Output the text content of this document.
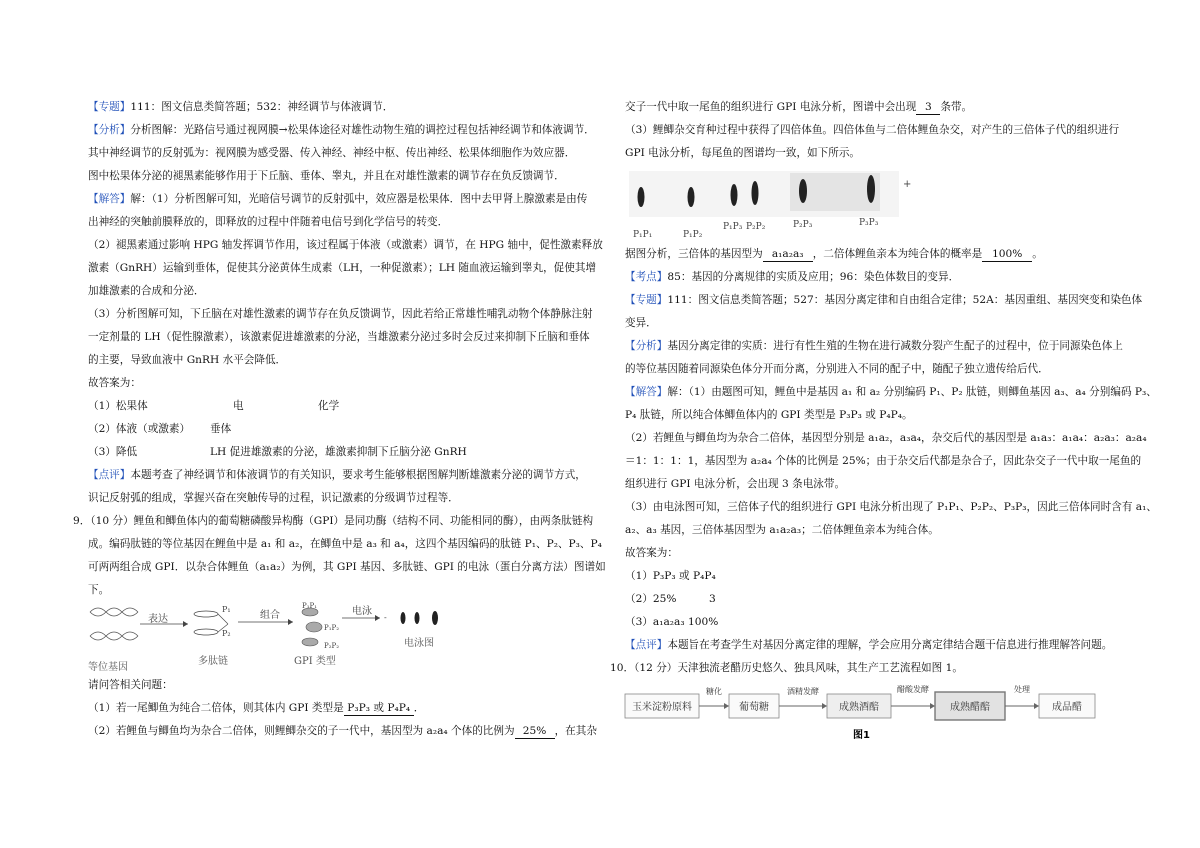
【专题】111：图文信息类简答题；532：神经调节与体液调节．
【分析】分析图解：光路信号通过视网膜→松果体途径对雄性动物生殖的调控过程包括神经调节和体液调节．
其中神经调节的反射弧为：视网膜为感受器、传入神经、神经中枢、传出神经、松果体细胞作为效应器．
图中松果体分泌的褪黑素能够作用于下丘脑、垂体、睾丸，并且在对雄性激素的调节存在负反馈调节．
【解答】解：（1）分析图解可知，光暗信号调节的反射弧中，效应器是松果体．图中去甲肾上腺激素是由传
出神经的突触前膜释放的，即释放的过程中伴随着电信号到化学信号的转变．
（2）褪黑素通过影响 HPG 轴发挥调节作用，该过程属于体液（或激素）调节，在 HPG 轴中，促性激素释放
激素（GnRH）运输到垂体，促使其分泌黄体生成素（LH，一种促激素）；LH 随血液运输到睾丸，促使其增
加雄激素的合成和分泌．
（3）分析图解可知，下丘脑在对雄性激素的调节存在负反馈调节，因此若给正常雄性哺乳动物个体静脉注射
一定剂量的 LH（促性腺激素），该激素促进雄激素的分泌，当雄激素分泌过多时会反过来抑制下丘脑和垂体
的主要，导致血液中 GnRH 水平会降低．
故答案为：
（1）松果体	电	化学
（2）体液（或激素） 垂体
（3）降低	LH 促进雄激素的分泌，雄激素抑制下丘脑分泌 GnRH
【点评】本题考查了神经调节和体液调节的有关知识，要求考生能够根据图解判断雄激素分泌的调节方式，
识记反射弧的组成，掌握兴奋在突触传导的过程，识记激素的分级调节过程等．
9．（10 分）鲤鱼和鲫鱼体内的葡萄糖磷酸异构酶（GPI）是同功酶（结构不同、功能相同的酶），由两条肽链构
成。编码肽链的等位基因在鲤鱼中是 a₁ 和 a₂，在鲫鱼中是 a₃ 和 a₄，这四个基因编码的肽链 P₁、P₂、P₃、P₄
可两两组合成 GPI．以杂合体鲤鱼（a₁a₂）为例，其 GPI 基因、多肽链、GPI 的电泳（蛋白分离方法）图谱如
下。
表达
P₁
P₂
组合
P₁P₁
P₁P₂
P₂P₂
电泳
-
等位基因
多肽链	GPI 类型
电泳图
请问答相关问题：
（1）若一尾鲫鱼为纯合二倍体，则其体内 GPI 类型是 P₃P₃ 或 P₄P₄ ．
（2）若鲤鱼与鲫鱼均为杂合二倍体，则鲤鲫杂交的子一代中，基因型为 a₂a₄ 个体的比例为 25% ，在其杂
交子一代中取一尾鱼的组织进行 GPI 电泳分析，图谱中会出现 3 条带。
（3）鲤鲫杂交育种过程中获得了四倍体鱼。四倍体鱼与二倍体鲤鱼杂交，对产生的三倍体子代的组织进行
GPI 电泳分析，每尾鱼的图谱均一致，如下所示。
P₁P₁	P₁P₂
P₁P₃ P₂P₂	P₂P₃	P₃P₃
+
据图分析，三倍体的基因型为 a₁a₂a₃ ，二倍体鲤鱼亲本为纯合体的概率是 100% 。
【考点】85：基因的分离规律的实质及应用；96：染色体数目的变异．
【专题】111：图文信息类简答题；527：基因分离定律和自由组合定律；52A：基因重组、基因突变和染色体
变异．
【分析】基因分离定律的实质：进行有性生殖的生物在进行减数分裂产生配子的过程中，位于同源染色体上
的等位基因随着同源染色体分开而分离，分别进入不同的配子中，随配子独立遗传给后代．
【解答】解：（1）由题图可知，鲤鱼中是基因 a₁ 和 a₂ 分别编码 P₁、P₂ 肽链，则鲫鱼基因 a₃、a₄ 分别编码 P₃、
P₄ 肽链，所以纯合体鲫鱼体内的 GPI 类型是 P₃P₃ 或 P₄P₄。
（2）若鲤鱼与鲫鱼均为杂合二倍体，基因型分别是 a₁a₂，a₃a₄，杂交后代的基因型是 a₁a₃：a₁a₄：a₂a₃：a₂a₄
＝1：1：1：1，基因型为 a₂a₄ 个体的比例是 25%；由于杂交后代都是杂合子，因此杂交子一代中取一尾鱼的
组织进行 GPI 电泳分析，会出现 3 条电泳带。
（3）由电泳图可知，三倍体子代的组织进行 GPI 电泳分析出现了 P₁P₁、P₂P₂、P₃P₃，因此三倍体同时含有 a₁、
a₂、a₃ 基因，三倍体基因型为 a₁a₂a₃；二倍体鲤鱼亲本为纯合体。
故答案为：
（1）P₃P₃ 或 P₄P₄
（2）25%	3
（3）a₁a₂a₃ 100%
【点评】本题旨在考查学生对基因分离定律的理解，学会应用分离定律结合题干信息进行推理解答问题。
10．（12 分）天津独流老醋历史悠久、独具风味，其生产工艺流程如图 1。
玉米淀粉原料
糖化
葡萄糖
酒精发酵
成熟酒醅
醋酸发酵
成熟醋醅
处理
成品醋
图1
